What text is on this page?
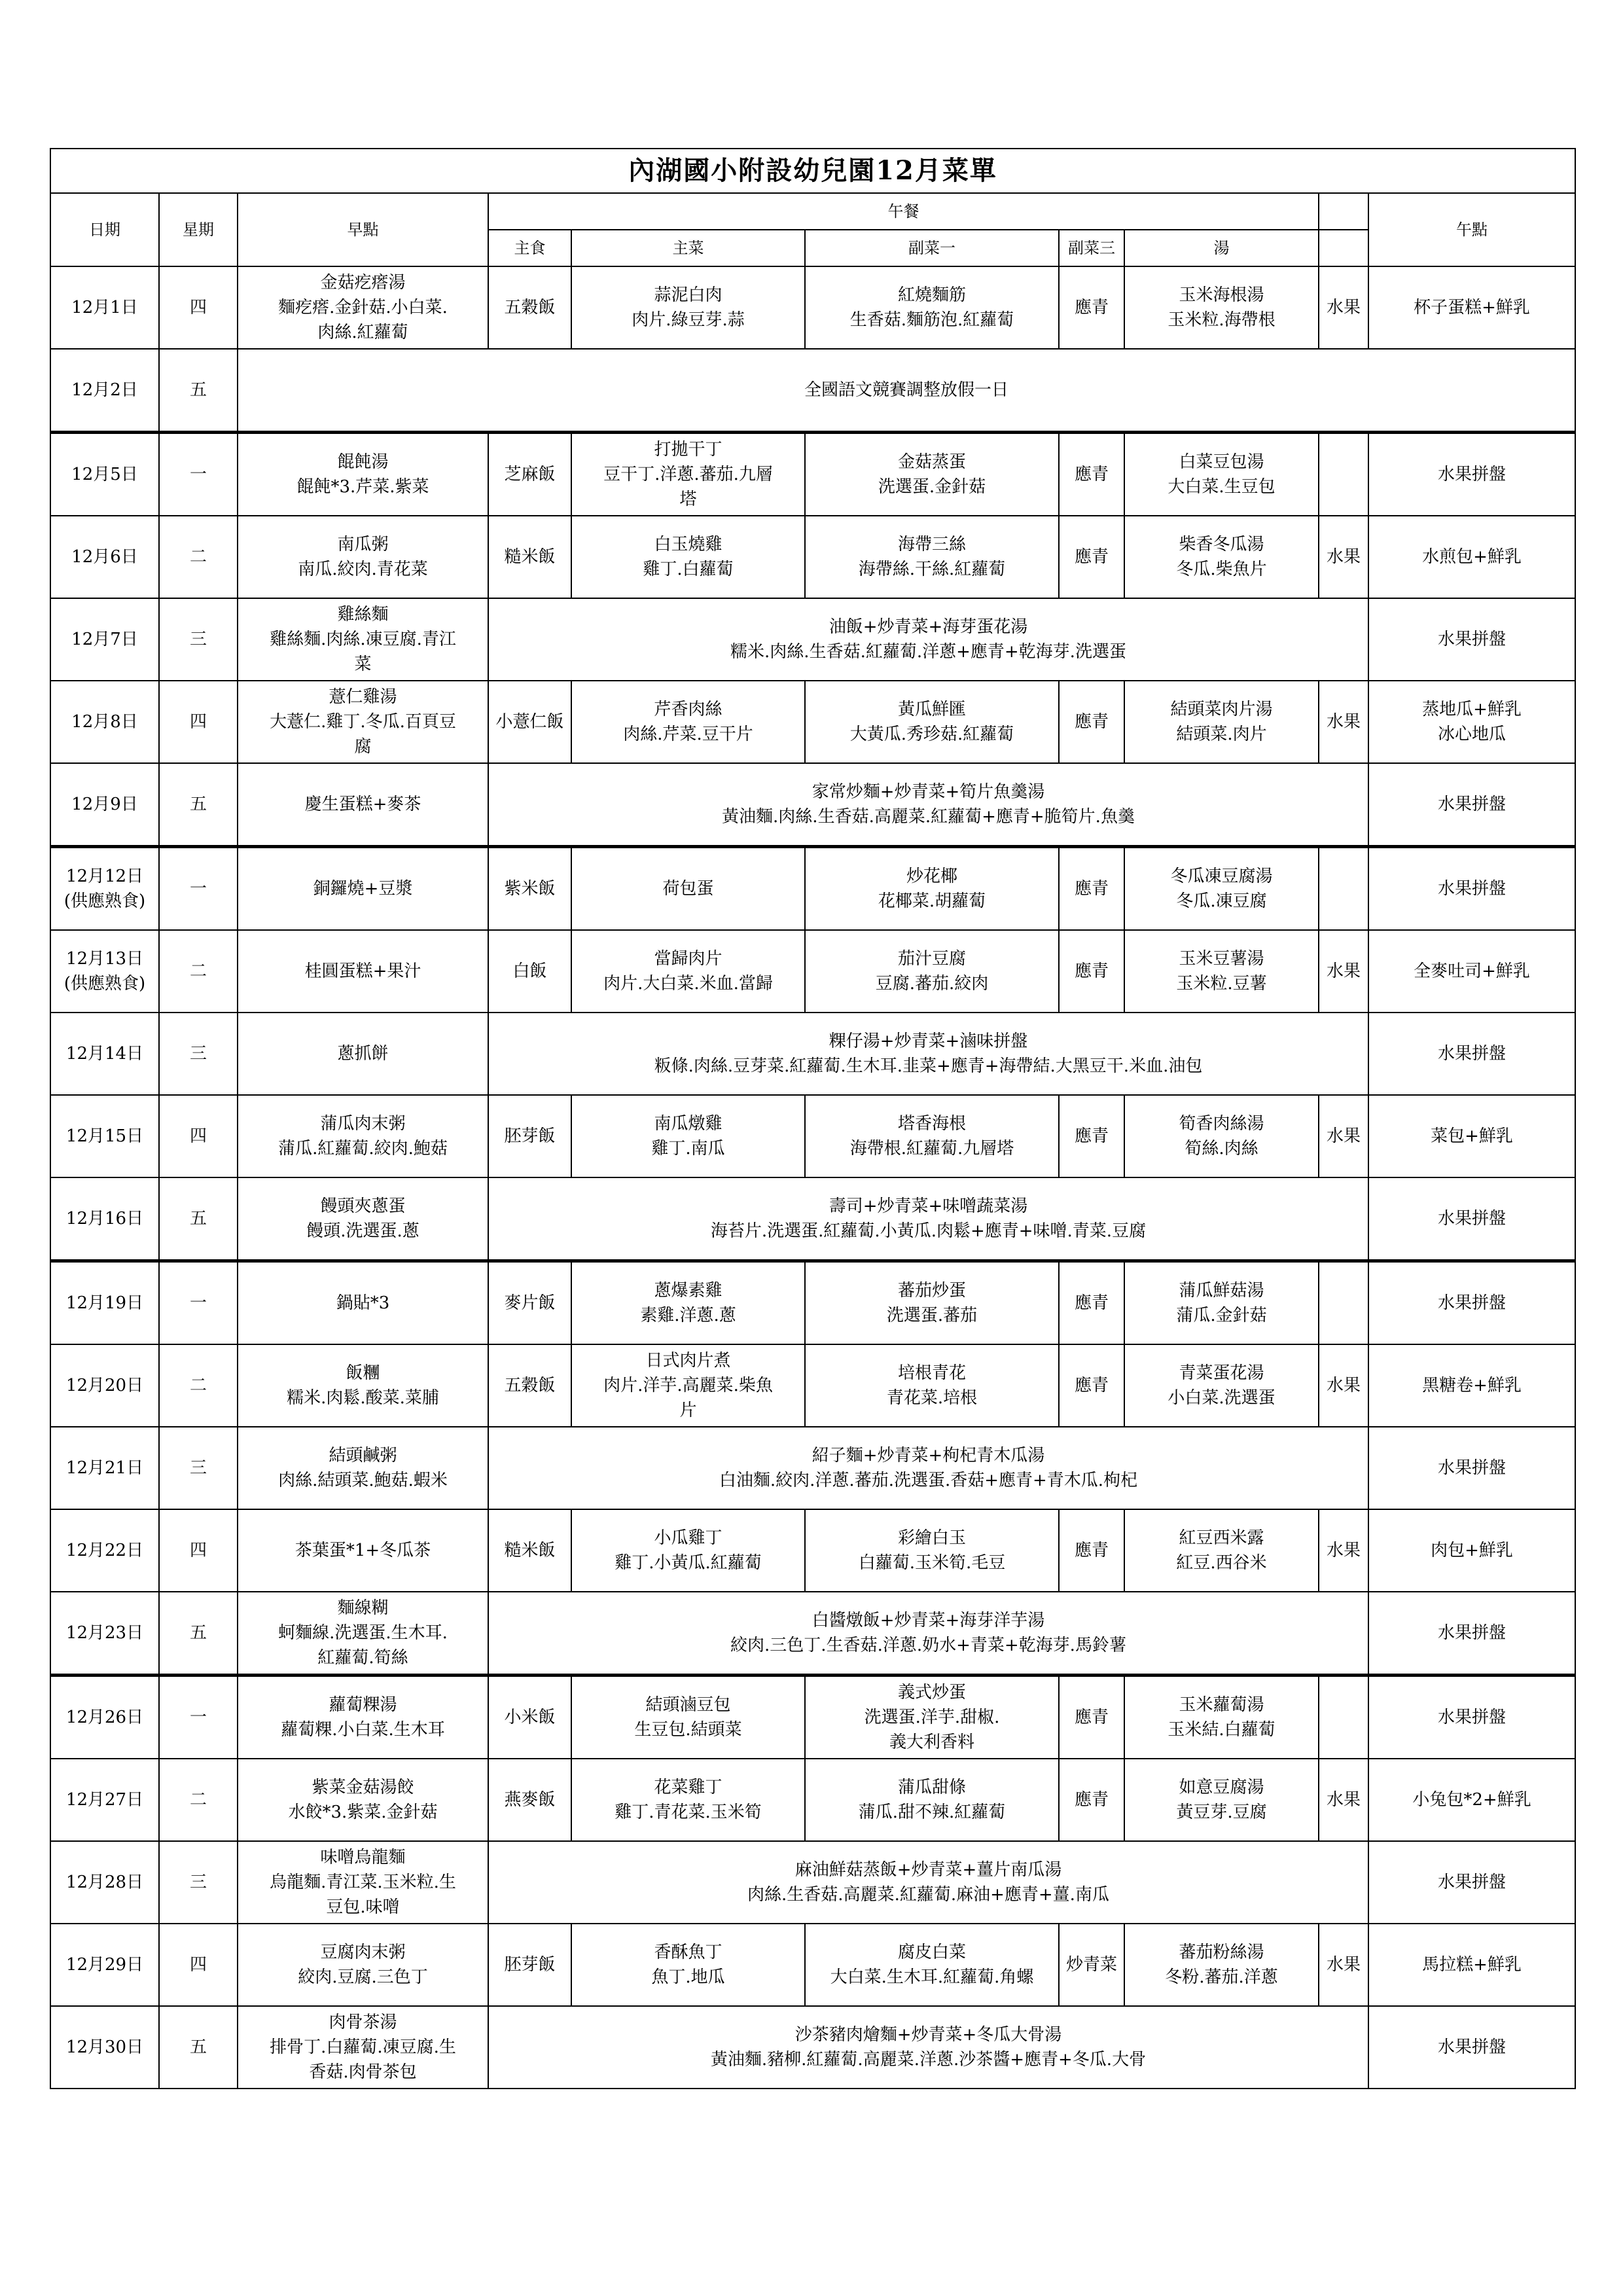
內湖國小附設幼兒園12月菜單									
日期	星期	早點	午餐						午點
			主食	主菜	副菜一	副菜三	湯		

12月1日	四	金菇疙瘩湯
麵疙瘩.金針菇.小白菜.
肉絲.紅蘿蔔	五穀飯	蒜泥白肉
肉片.綠豆芽.蒜	紅燒麵筋
生香菇.麵筋泡.紅蘿蔔	應青	玉米海根湯
玉米粒.海帶根	水果	杯子蛋糕+鮮乳

12月2日	五	全國語文競賽調整放假一日							

12月5日	一	餛飩湯
餛飩*3.芹菜.紫菜	芝麻飯	打拋干丁
豆干丁.洋蔥.蕃茄.九層
塔	金菇蒸蛋
洗選蛋.金針菇	應青	白菜豆包湯
大白菜.生豆包		水果拼盤

12月6日	二	南瓜粥
南瓜.絞肉.青花菜	糙米飯	白玉燒雞
雞丁.白蘿蔔	海帶三絲
海帶絲.干絲.紅蘿蔔	應青	柴香冬瓜湯
冬瓜.柴魚片	水果	水煎包+鮮乳

12月7日	三	雞絲麵
雞絲麵.肉絲.凍豆腐.青江
菜	油飯+炒青菜+海芽蛋花湯
糯米.肉絲.生香菇.紅蘿蔔.洋蔥+應青+乾海芽.洗選蛋						水果拼盤

12月8日	四	薏仁雞湯
大薏仁.雞丁.冬瓜.百頁豆
腐	小薏仁飯	芹香肉絲
肉絲.芹菜.豆干片	黃瓜鮮匯
大黃瓜.秀珍菇.紅蘿蔔	應青	結頭菜肉片湯
結頭菜.肉片	水果	蒸地瓜+鮮乳
冰心地瓜

12月9日	五	慶生蛋糕+麥茶	家常炒麵+炒青菜+筍片魚羹湯
黃油麵.肉絲.生香菇.高麗菜.紅蘿蔔+應青+脆筍片.魚羹						水果拼盤

12月12日
(供應熟食)	一	銅鑼燒+豆漿	紫米飯	荷包蛋	炒花椰
花椰菜.胡蘿蔔	應青	冬瓜凍豆腐湯
冬瓜.凍豆腐		水果拼盤

12月13日
(供應熟食)	二	桂圓蛋糕+果汁	白飯	當歸肉片
肉片.大白菜.米血.當歸	茄汁豆腐
豆腐.蕃茄.絞肉	應青	玉米豆薯湯
玉米粒.豆薯	水果	全麥吐司+鮮乳

12月14日	三	蔥抓餅	粿仔湯+炒青菜+滷味拼盤
粄條.肉絲.豆芽菜.紅蘿蔔.生木耳.韭菜+應青+海帶結.大黑豆干.米血.油包						水果拼盤

12月15日	四	蒲瓜肉末粥
蒲瓜.紅蘿蔔.絞肉.鮑菇	胚芽飯	南瓜燉雞
雞丁.南瓜	塔香海根
海帶根.紅蘿蔔.九層塔	應青	筍香肉絲湯
筍絲.肉絲	水果	菜包+鮮乳

12月16日	五	饅頭夾蔥蛋
饅頭.洗選蛋.蔥	壽司+炒青菜+味噌蔬菜湯
海苔片.洗選蛋.紅蘿蔔.小黃瓜.肉鬆+應青+味噌.青菜.豆腐						水果拼盤

12月19日	一	鍋貼*3	麥片飯	蔥爆素雞
素雞.洋蔥.蔥	蕃茄炒蛋
洗選蛋.蕃茄	應青	蒲瓜鮮菇湯
蒲瓜.金針菇		水果拼盤

12月20日	二	飯糰
糯米.肉鬆.酸菜.菜脯	五穀飯	日式肉片煮
肉片.洋芋.高麗菜.柴魚
片	培根青花
青花菜.培根	應青	青菜蛋花湯
小白菜.洗選蛋	水果	黑糖卷+鮮乳

12月21日	三	結頭鹹粥
肉絲.結頭菜.鮑菇.蝦米	紹子麵+炒青菜+枸杞青木瓜湯
白油麵.絞肉.洋蔥.蕃茄.洗選蛋.香菇+應青+青木瓜.枸杞						水果拼盤

12月22日	四	茶葉蛋*1+冬瓜茶	糙米飯	小瓜雞丁
雞丁.小黃瓜.紅蘿蔔	彩繪白玉
白蘿蔔.玉米筍.毛豆	應青	紅豆西米露
紅豆.西谷米	水果	肉包+鮮乳

12月23日	五	麵線糊
蚵麵線.洗選蛋.生木耳.
紅蘿蔔.筍絲	白醬燉飯+炒青菜+海芽洋芋湯
絞肉.三色丁.生香菇.洋蔥.奶水+青菜+乾海芽.馬鈴薯						水果拼盤

12月26日	一	蘿蔔粿湯
蘿蔔粿.小白菜.生木耳	小米飯	結頭滷豆包
生豆包.結頭菜	義式炒蛋
洗選蛋.洋芋.甜椒.
義大利香料	應青	玉米蘿蔔湯
玉米結.白蘿蔔		水果拼盤

12月27日	二	紫菜金菇湯餃
水餃*3.紫菜.金針菇	燕麥飯	花菜雞丁
雞丁.青花菜.玉米筍	蒲瓜甜條
蒲瓜.甜不辣.紅蘿蔔	應青	如意豆腐湯
黃豆芽.豆腐	水果	小兔包*2+鮮乳

12月28日	三	味噌烏龍麵
烏龍麵.青江菜.玉米粒.生
豆包.味噌	麻油鮮菇蒸飯+炒青菜+薑片南瓜湯
肉絲.生香菇.高麗菜.紅蘿蔔.麻油+應青+薑.南瓜						水果拼盤

12月29日	四	豆腐肉末粥
絞肉.豆腐.三色丁	胚芽飯	香酥魚丁
魚丁.地瓜	腐皮白菜
大白菜.生木耳.紅蘿蔔.角螺	炒青菜	蕃茄粉絲湯
冬粉.蕃茄.洋蔥	水果	馬拉糕+鮮乳

12月30日	五	肉骨茶湯
排骨丁.白蘿蔔.凍豆腐.生
香菇.肉骨茶包	沙茶豬肉燴麵+炒青菜+冬瓜大骨湯
黃油麵.豬柳.紅蘿蔔.高麗菜.洋蔥.沙茶醬+應青+冬瓜.大骨						水果拼盤
